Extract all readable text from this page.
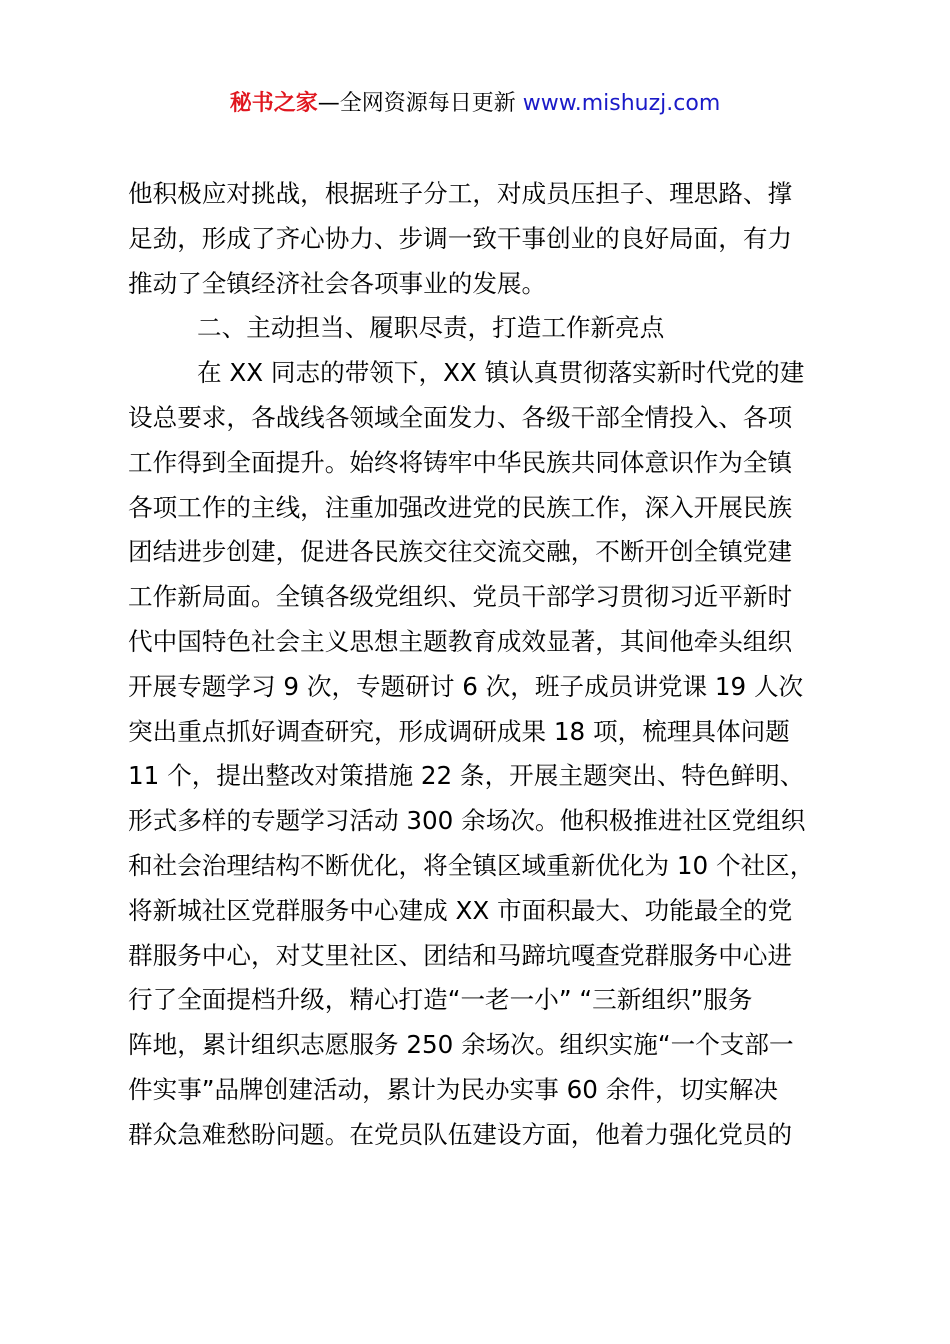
秘书之家—全网资源每日更新 www.mishuzj.com
他积极应对挑战，根据班子分工，对成员压担子、理思路、撑
足劲，形成了齐心协力、步调一致干事创业的良好局面，有力
推动了全镇经济社会各项事业的发展。
二、主动担当、履职尽责，打造工作新亮点
在 XX 同志的带领下，XX 镇认真贯彻落实新时代党的建
设总要求，各战线各领域全面发力、各级干部全情投入、各项
工作得到全面提升。始终将铸牢中华民族共同体意识作为全镇
各项工作的主线，注重加强改进党的民族工作，深入开展民族
团结进步创建，促进各民族交往交流交融，不断开创全镇党建
工作新局面。全镇各级党组织、党员干部学习贯彻习近平新时
代中国特色社会主义思想主题教育成效显著，其间他牵头组织
开展专题学习 9 次，专题研讨 6 次，班子成员讲党课 19 人次
突出重点抓好调查研究，形成调研成果 18 项，梳理具体问题
11 个，提出整改对策措施 22 条，开展主题突出、特色鲜明、
形式多样的专题学习活动 300 余场次。他积极推进社区党组织
和社会治理结构不断优化，将全镇区域重新优化为 10 个社区，
将新城社区党群服务中心建成 XX 市面积最大、功能最全的党
群服务中心，对艾里社区、团结和马蹄坑嘎查党群服务中心进
行了全面提档升级，精心打造“一老一小” “三新组织”服务
阵地，累计组织志愿服务 250 余场次。组织实施“一个支部一
件实事”品牌创建活动，累计为民办实事 60 余件，切实解决
群众急难愁盼问题。在党员队伍建设方面，他着力强化党员的
